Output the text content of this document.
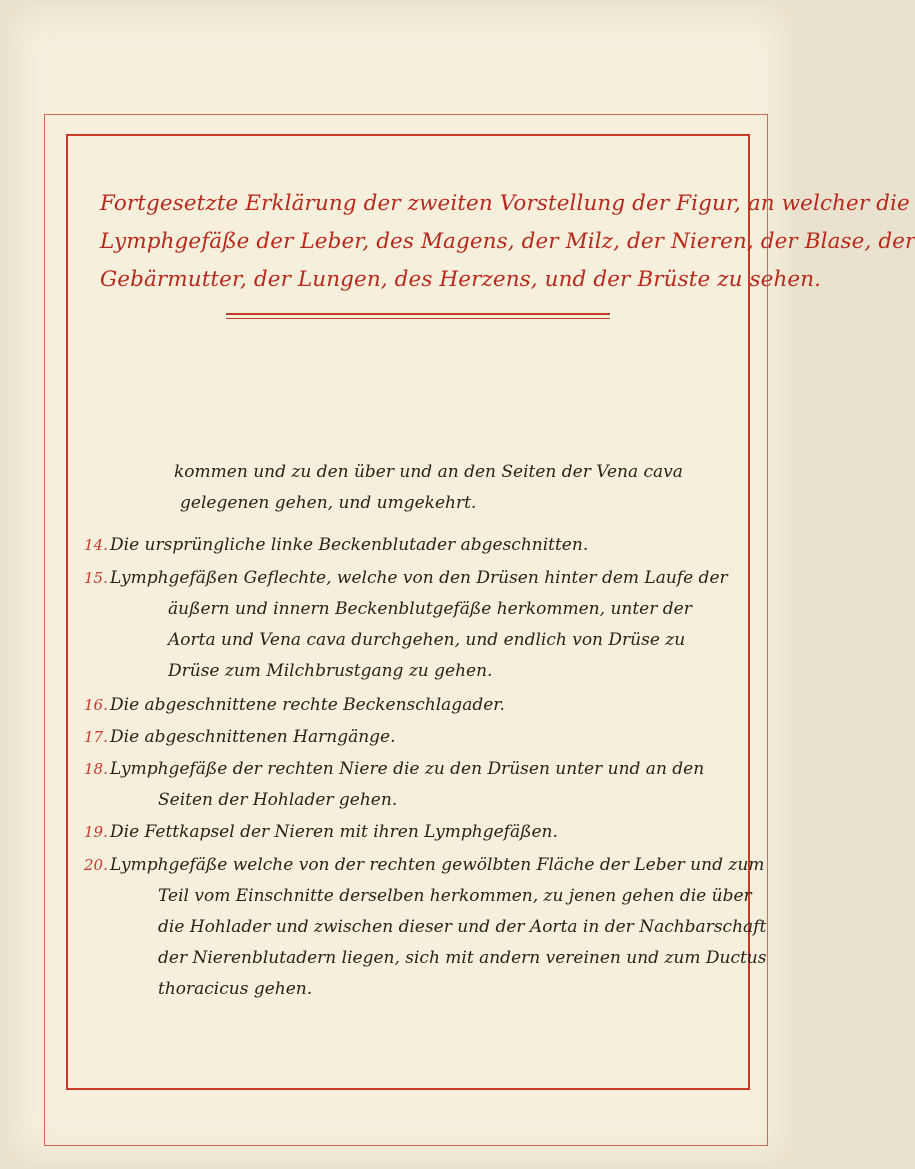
Fortgesetzte Erklärung der zweiten Vorstellung der Figur, an welcher die
Lymphgefäße der Leber, des Magens, der Milz, der Nieren, der Blase, der
Gebärmutter, der Lungen, des Herzens, und der Brüste zu sehen.
kommen und zu den über und an den Seiten der Vena cava
gelegenen gehen, und umgekehrt.
14. Die ursprüngliche linke Beckenblutader abgeschnitten.
15. Lymphgefäßen Geflechte, welche von den Drüsen hinter dem Laufe der
äußern und innern Beckenblutgefäße herkommen, unter der
Aorta und Vena cava durchgehen, und endlich von Drüse zu
Drüse zum Milchbrustgang zu gehen.
16. Die abgeschnittene rechte Beckenschlagader.
17. Die abgeschnittenen Harngänge.
18. Lymphgefäße der rechten Niere die zu den Drüsen unter und an den
Seiten der Hohlader gehen.
19. Die Fettkapsel der Nieren mit ihren Lymphgefäßen.
20. Lymphgefäße welche von der rechten gewölbten Fläche der Leber und zum
Teil vom Einschnitte derselben herkommen, zu jenen gehen die über
die Hohlader und zwischen dieser und der Aorta in der Nachbarschaft
der Nierenblutadern liegen, sich mit andern vereinen und zum Ductus
thoracicus gehen.
